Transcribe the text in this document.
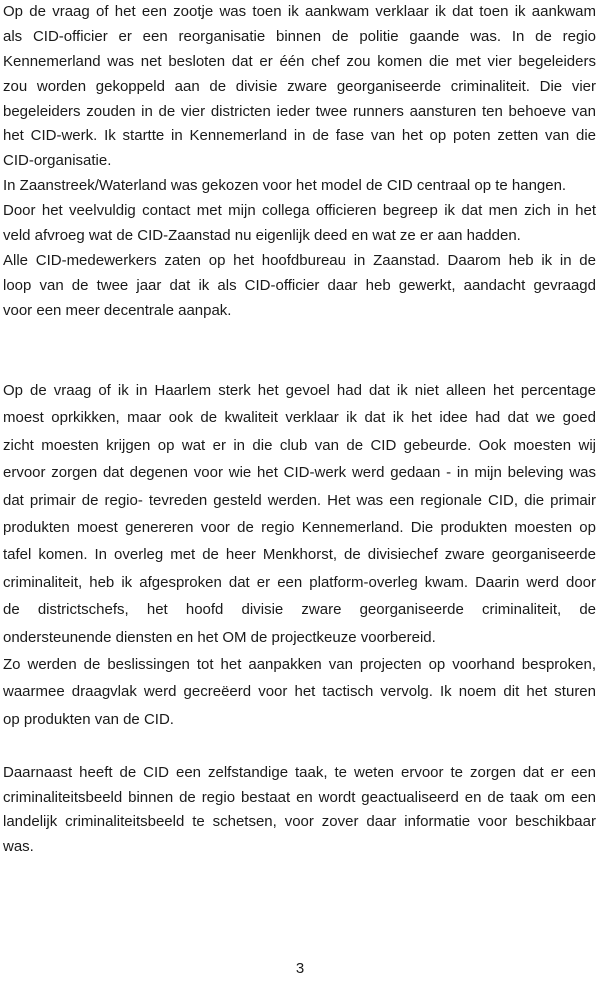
Op de vraag of het een zootje was toen ik aankwam verklaar ik dat toen ik aankwam
als CID-officier er een reorganisatie binnen de politie gaande was. In de regio
Kennemerland was net besloten dat er één chef zou komen die met vier begeleiders
zou worden gekoppeld aan de divisie zware georganiseerde criminaliteit. Die vier
begeleiders zouden in de vier districten ieder twee runners aansturen ten behoeve van
het CID-werk. Ik startte in Kennemerland in de fase van het op poten zetten van die
CID-organisatie.
In Zaanstreek/Waterland was gekozen voor het model de CID centraal op te hangen.
Door het veelvuldig contact met mijn collega officieren begreep ik dat men zich in het
veld afvroeg wat de CID-Zaanstad nu eigenlijk deed en wat ze er aan hadden.
Alle CID-medewerkers zaten op het hoofdbureau in Zaanstad. Daarom heb ik in de
loop van de twee jaar dat ik als CID-officier daar heb gewerkt, aandacht gevraagd
voor een meer decentrale aanpak.
Op de vraag of ik in Haarlem sterk het gevoel had dat ik niet alleen het percentage
moest oprkikken, maar ook de kwaliteit verklaar ik dat ik het idee had dat we goed
zicht moesten krijgen op wat er in die club van de CID gebeurde. Ook moesten wij
ervoor zorgen dat degenen voor wie het CID-werk werd gedaan - in mijn beleving was
dat primair de regio- tevreden gesteld werden. Het was een regionale CID, die primair
produkten moest genereren voor de regio Kennemerland. Die produkten moesten op
tafel komen. In overleg met de heer Menkhorst, de divisiechef zware georganiseerde
criminaliteit, heb ik afgesproken dat er een platform-overleg kwam. Daarin werd door
de districtschefs, het hoofd divisie zware georganiseerde criminaliteit, de
ondersteunende diensten en het OM de projectkeuze voorbereid.
Zo werden de beslissingen tot het aanpakken van projecten op voorhand besproken,
waarmee draagvlak werd gecreëerd voor het tactisch vervolg. Ik noem dit het sturen
op produkten van de CID.
Daarnaast heeft de CID een zelfstandige taak, te weten ervoor te zorgen dat er een
criminaliteitsbeeld binnen de regio bestaat en wordt geactualiseerd en de taak om een
landelijk criminaliteitsbeeld te schetsen, voor zover daar informatie voor beschikbaar
was.
3
